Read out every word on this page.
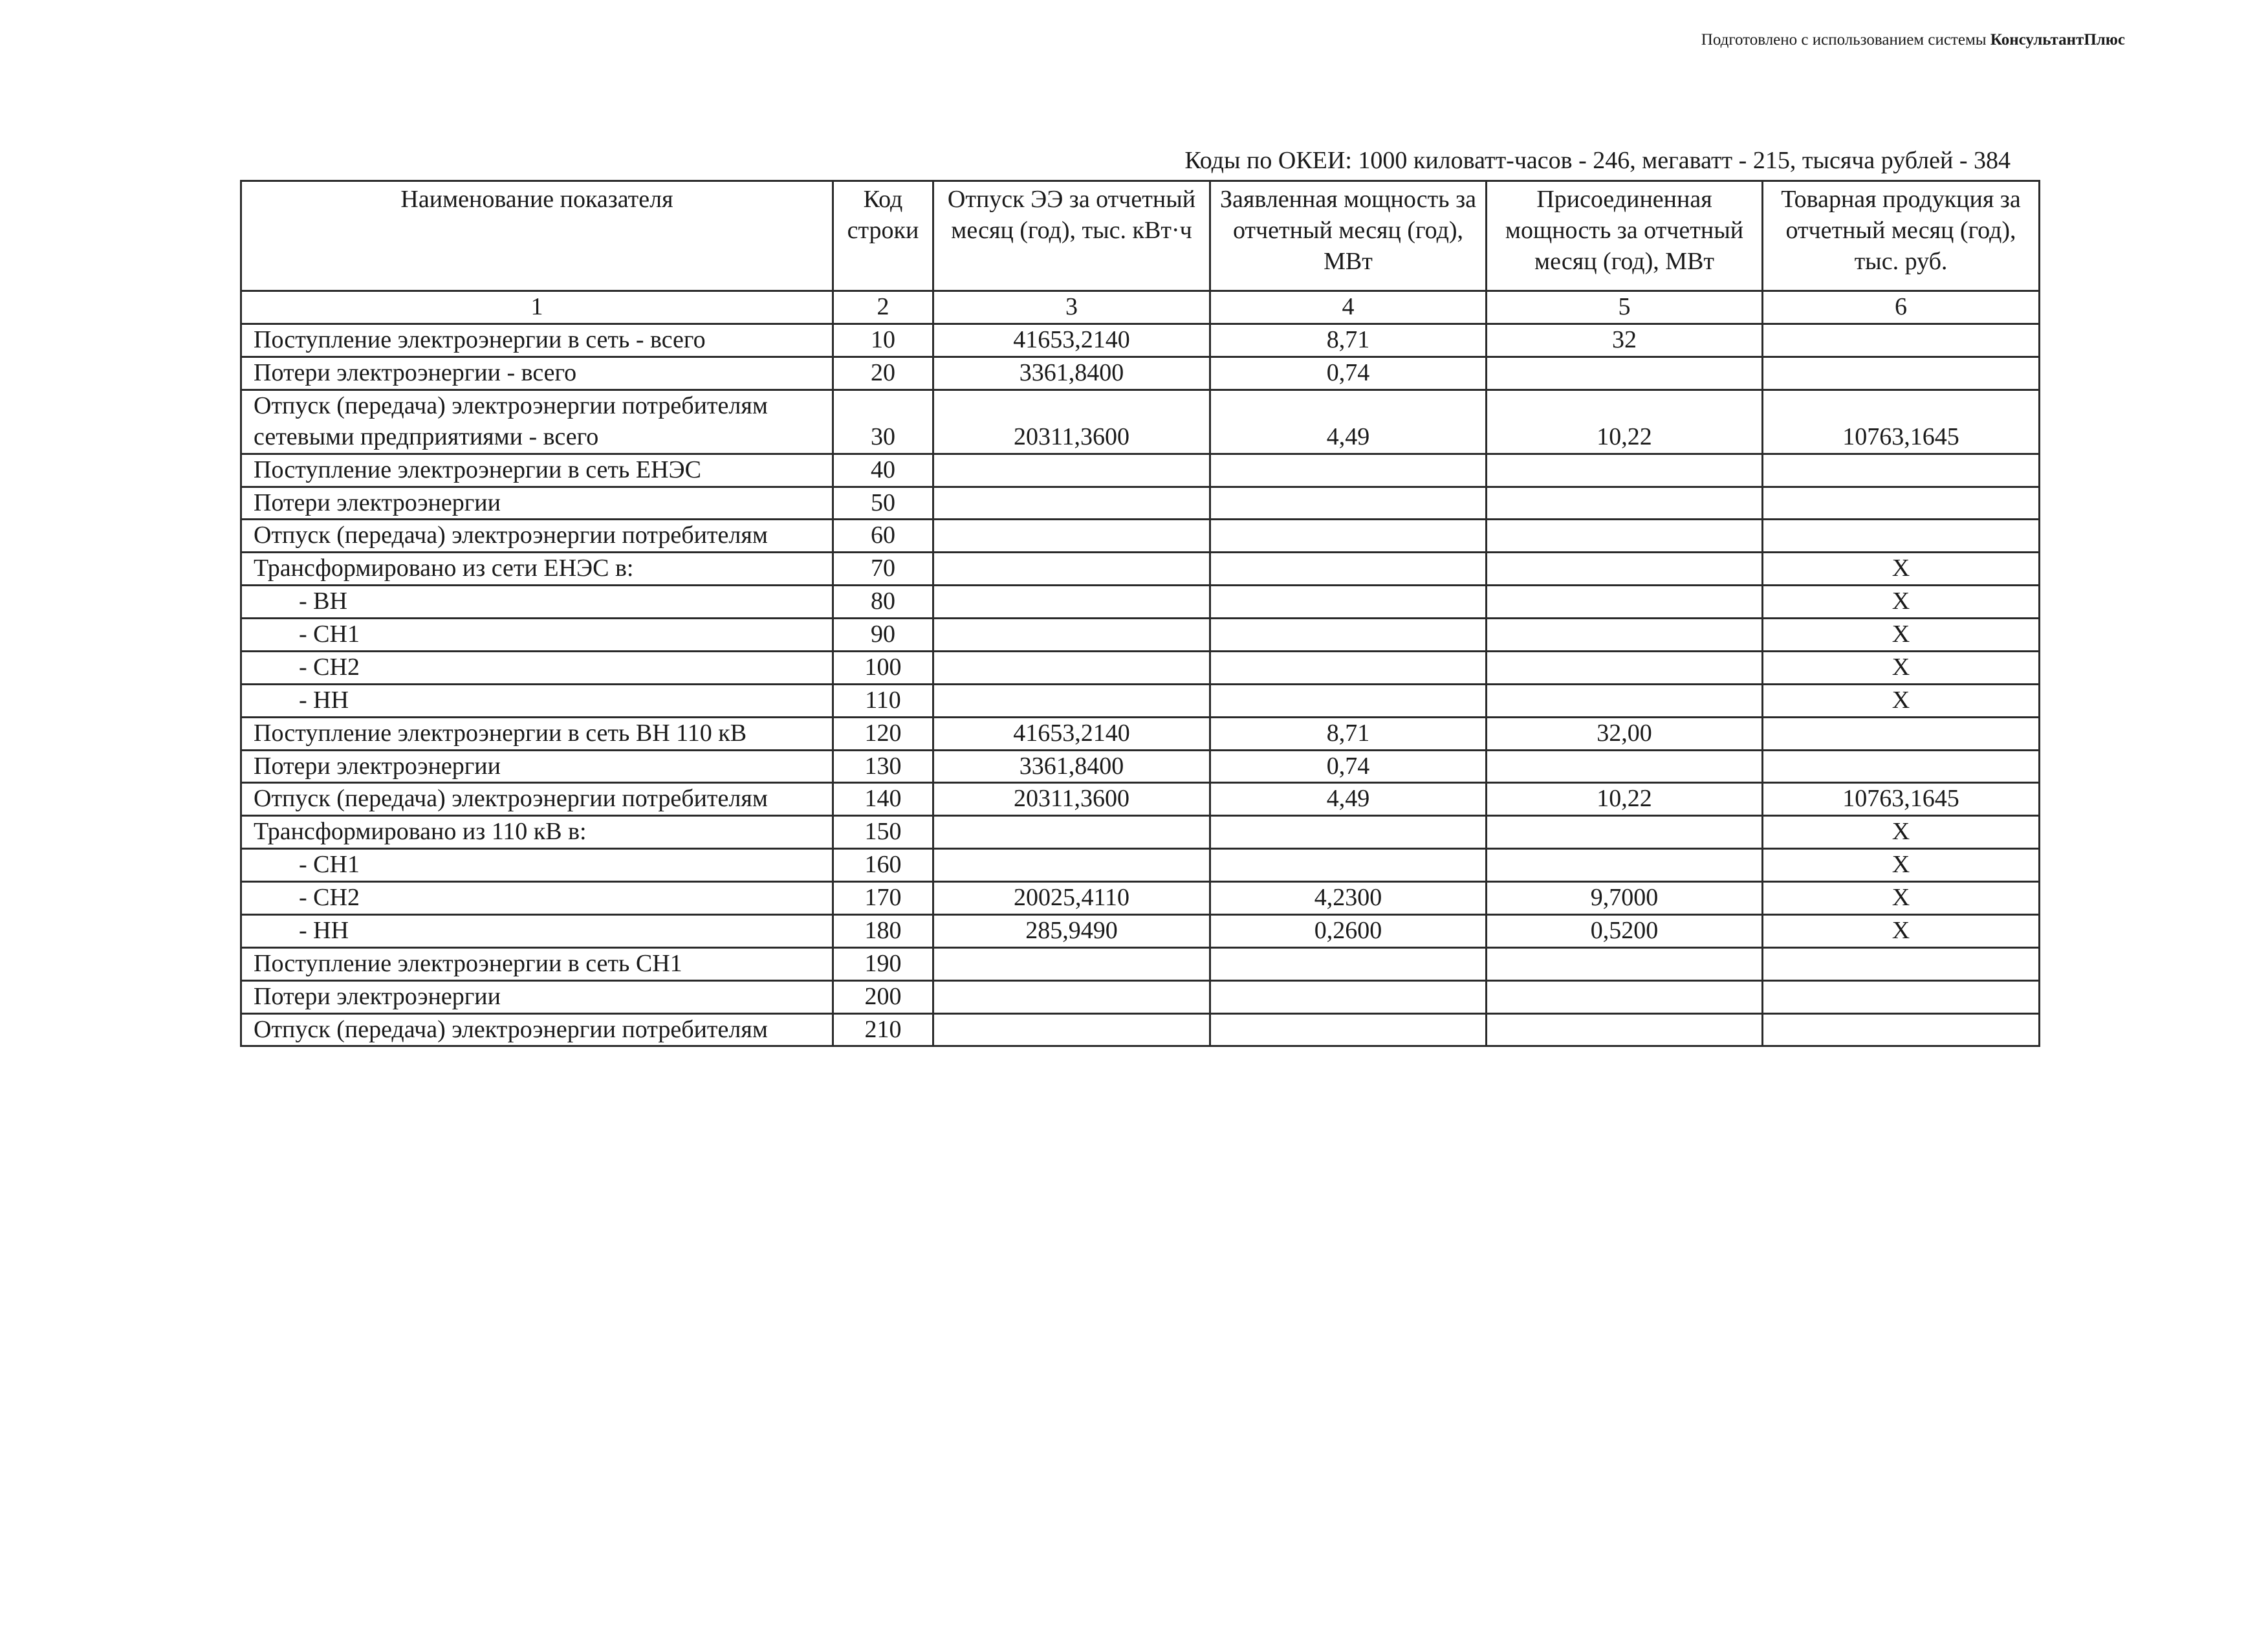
Подготовлено с использованием системы КонсультантПлюс
Коды по ОКЕИ: 1000 киловатт-часов - 246, мегаватт - 215, тысяча рублей - 384
Наименование показателя	Код строки	Отпуск ЭЭ за отчетный месяц (год), тыс. кВт·ч	Заявленная мощность за отчетный месяц (год), МВт	Присоединенная мощность за отчетный месяц (год), МВт	Товарная продукция за отчетный месяц (год), тыс. руб.
1	2	3	4	5	6
Поступление электроэнергии в сеть - всего	10	41653,2140	8,71	32	
Потери электроэнергии - всего	20	3361,8400	0,74		
Отпуск (передача) электроэнергии потребителям сетевыми предприятиями - всего	30	20311,3600	4,49	10,22	10763,1645
Поступление электроэнергии в сеть ЕНЭС	40				
Потери электроэнергии	50				
Отпуск (передача) электроэнергии потребителям	60				
Трансформировано из сети ЕНЭС в:	70				X
- ВН	80				X
- СН1	90				X
- СН2	100				X
- НН	110				X
Поступление электроэнергии в сеть ВН 110 кВ	120	41653,2140	8,71	32,00	
Потери электроэнергии	130	3361,8400	0,74		
Отпуск (передача) электроэнергии потребителям	140	20311,3600	4,49	10,22	10763,1645
Трансформировано из 110 кВ в:	150				X
- СН1	160				X
- СН2	170	20025,4110	4,2300	9,7000	X
- НН	180	285,9490	0,2600	0,5200	X
Поступление электроэнергии в сеть СН1	190				
Потери электроэнергии	200				
Отпуск (передача) электроэнергии потребителям	210				
